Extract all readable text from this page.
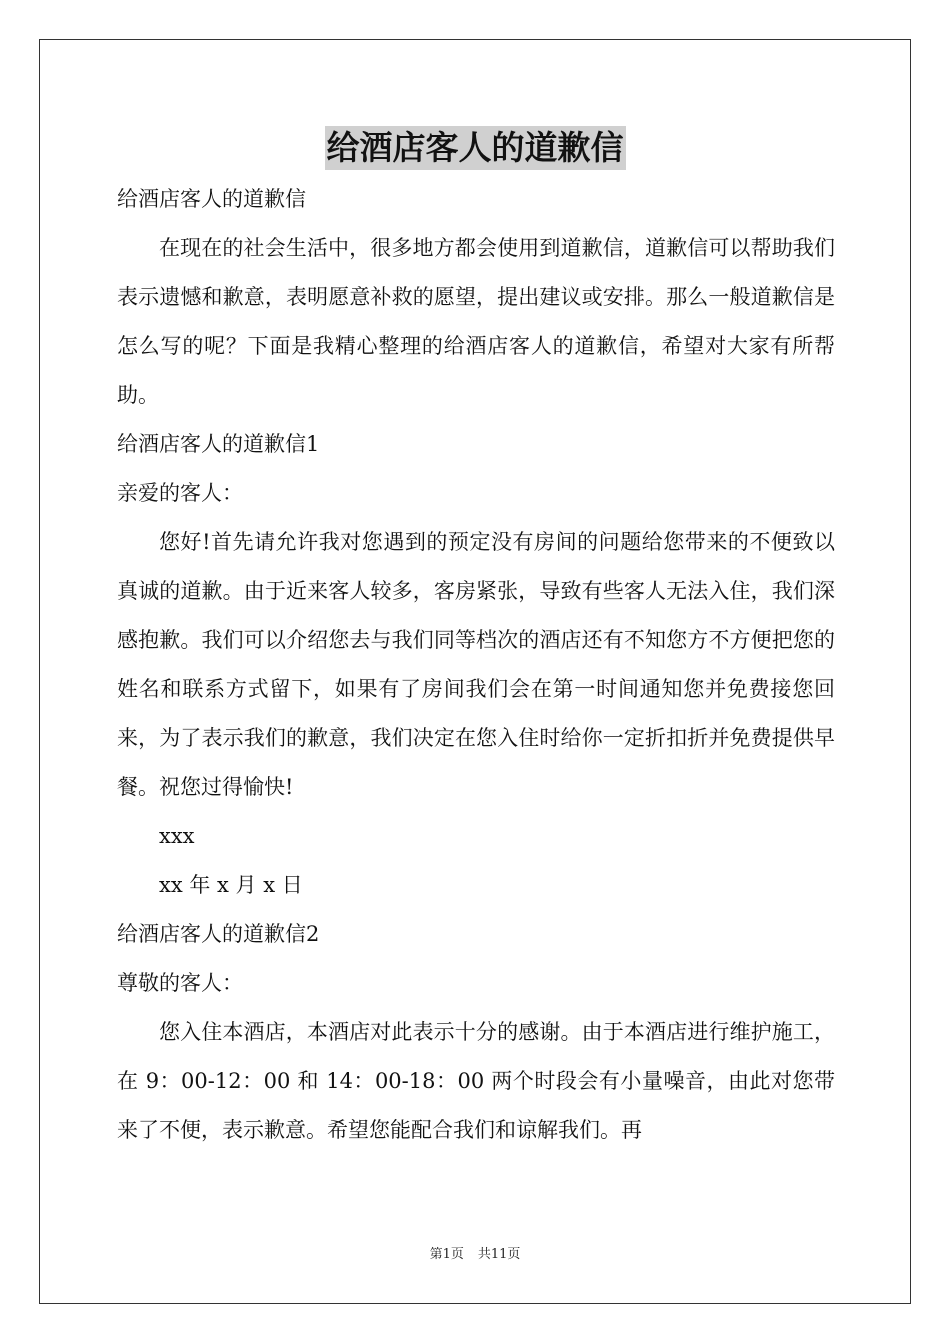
给酒店客人的道歉信

给酒店客人的道歉信

在现在的社会生活中，很多地方都会使用到道歉信，道歉信可以帮助我们表示遗憾和歉意，表明愿意补救的愿望，提出建议或安排。那么一般道歉信是怎么写的呢？下面是我精心整理的给酒店客人的道歉信，希望对大家有所帮助。

给酒店客人的道歉信1

亲爱的客人：

您好!首先请允许我对您遇到的预定没有房间的问题给您带来的不便致以真诚的道歉。由于近来客人较多，客房紧张，导致有些客人无法入住，我们深感抱歉。我们可以介绍您去与我们同等档次的酒店还有不知您方不方便把您的姓名和联系方式留下，如果有了房间我们会在第一时间通知您并免费接您回来，为了表示我们的歉意，我们决定在您入住时给你一定折扣折并免费提供早餐。祝您过得愉快!

xxx

xx 年 x 月 x 日

给酒店客人的道歉信2

尊敬的客人：

您入住本酒店，本酒店对此表示十分的感谢。由于本酒店进行维护施工，在 9：00-12：00 和 14：00-18：00 两个时段会有小量噪音，由此对您带来了不便，表示歉意。希望您能配合我们和谅解我们。再

第1页 共11页
